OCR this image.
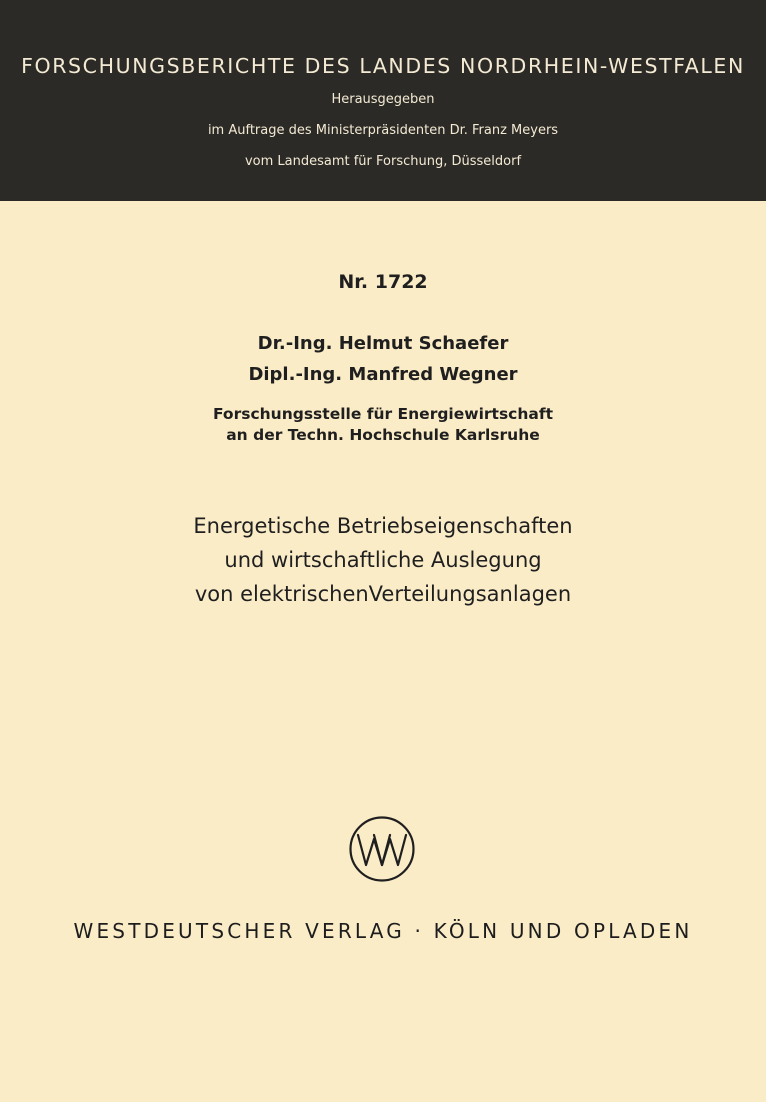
FORSCHUNGSBERICHTE DES LANDES NORDRHEIN-WESTFALEN
Herausgegeben
im Auftrage des Ministerpräsidenten Dr. Franz Meyers
vom Landesamt für Forschung, Düsseldorf
Nr. 1722
Dr.-Ing. Helmut Schaefer
Dipl.-Ing. Manfred Wegner
Forschungsstelle für Energiewirtschaft
an der Techn. Hochschule Karlsruhe
Energetische Betriebseigenschaften
und wirtschaftliche Auslegung
von elektrischenVerteilungsanlagen
WESTDEUTSCHER VERLAG · KÖLN UND OPLADEN
